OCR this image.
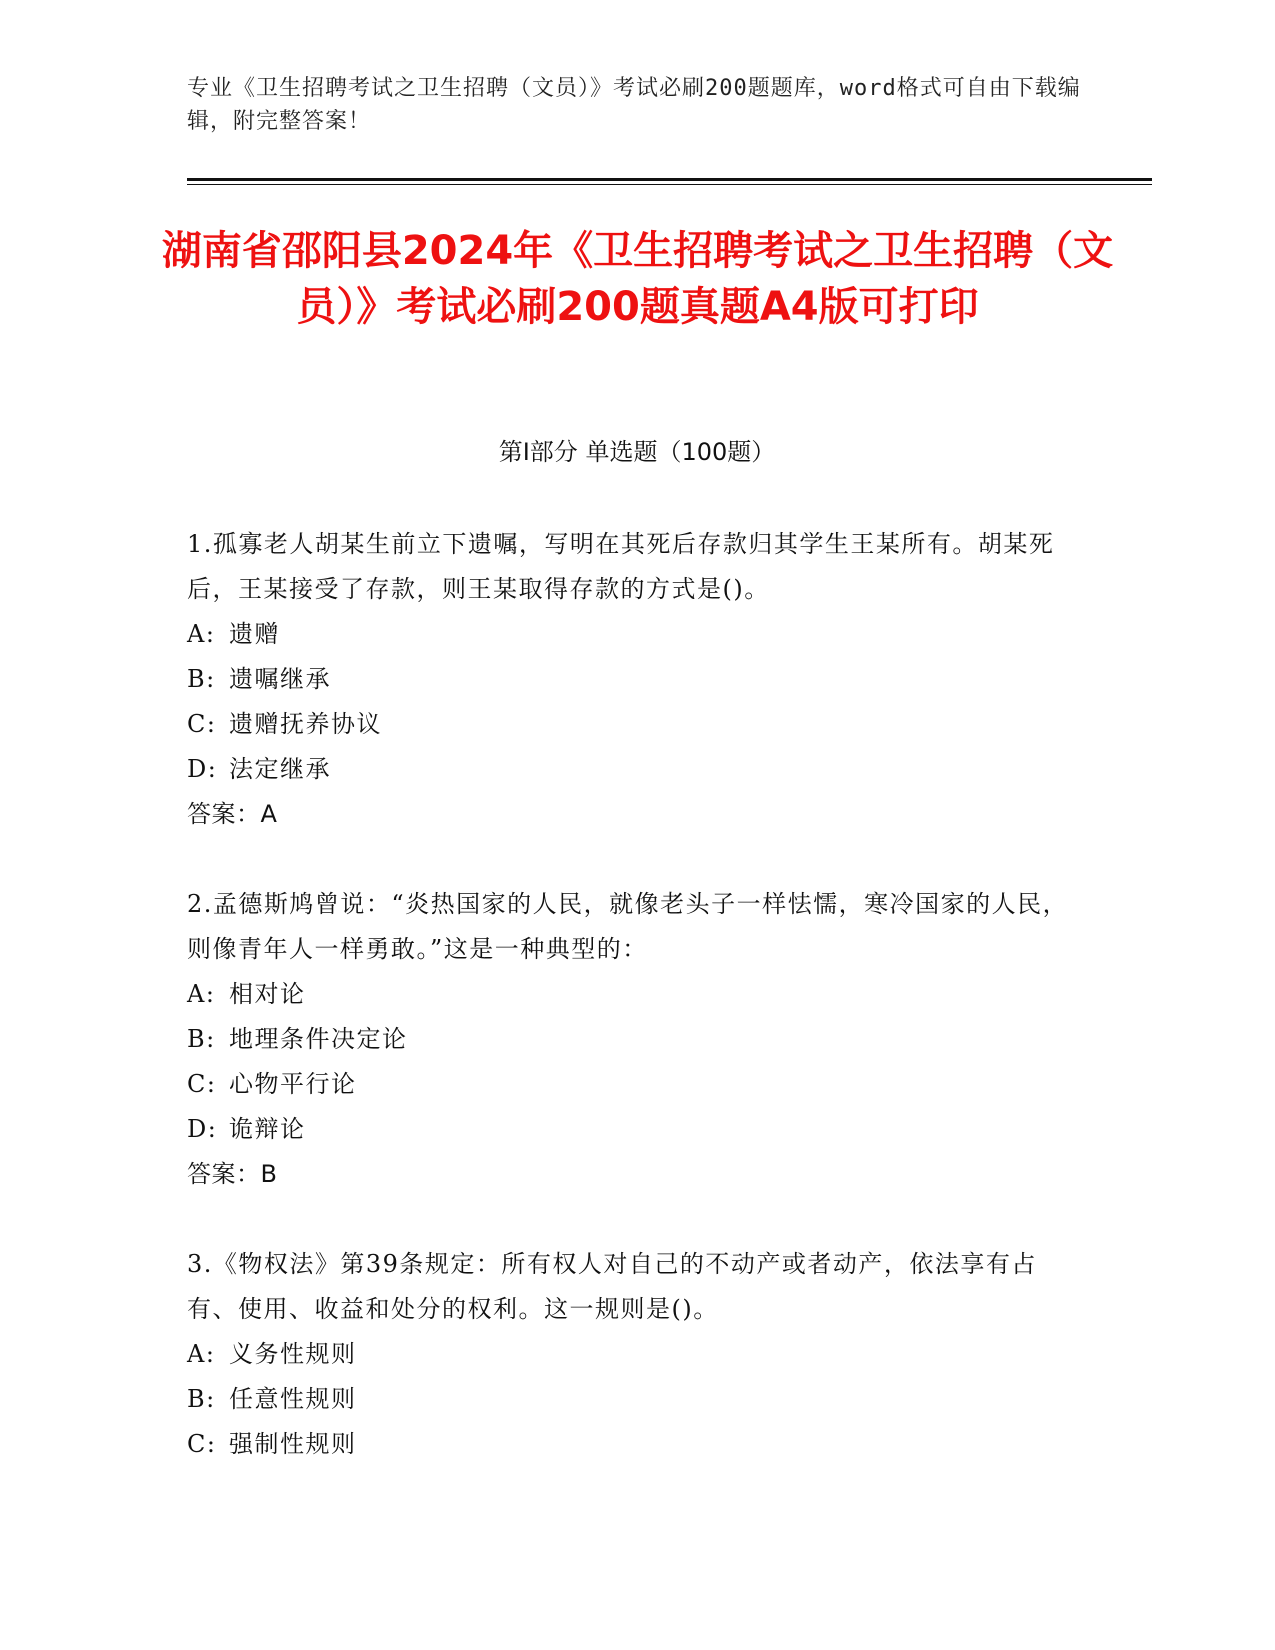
专业《卫生招聘考试之卫生招聘（文员）》考试必刷200题题库，word格式可自由下载编辑，附完整答案！
湖南省邵阳县2024年《卫生招聘考试之卫生招聘（文员）》考试必刷200题真题A4版可打印
第Ⅰ部分 单选题（100题）

1.孤寡老人胡某生前立下遗嘱，写明在其死后存款归其学生王某所有。胡某死后，王某接受了存款，则王某取得存款的方式是()。

A: 遗赠

B: 遗嘱继承

C: 遗赠抚养协议

D: 法定继承

答案：A

2.孟德斯鸠曾说：“炎热国家的人民，就像老头子一样怯懦，寒冷国家的人民，则像青年人一样勇敢。”这是一种典型的：

A: 相对论

B: 地理条件决定论

C: 心物平行论

D: 诡辩论

答案：B

3.《物权法》第39条规定：所有权人对自己的不动产或者动产，依法享有占有、使用、收益和处分的权利。这一规则是()。

A: 义务性规则

B: 任意性规则

C: 强制性规则
